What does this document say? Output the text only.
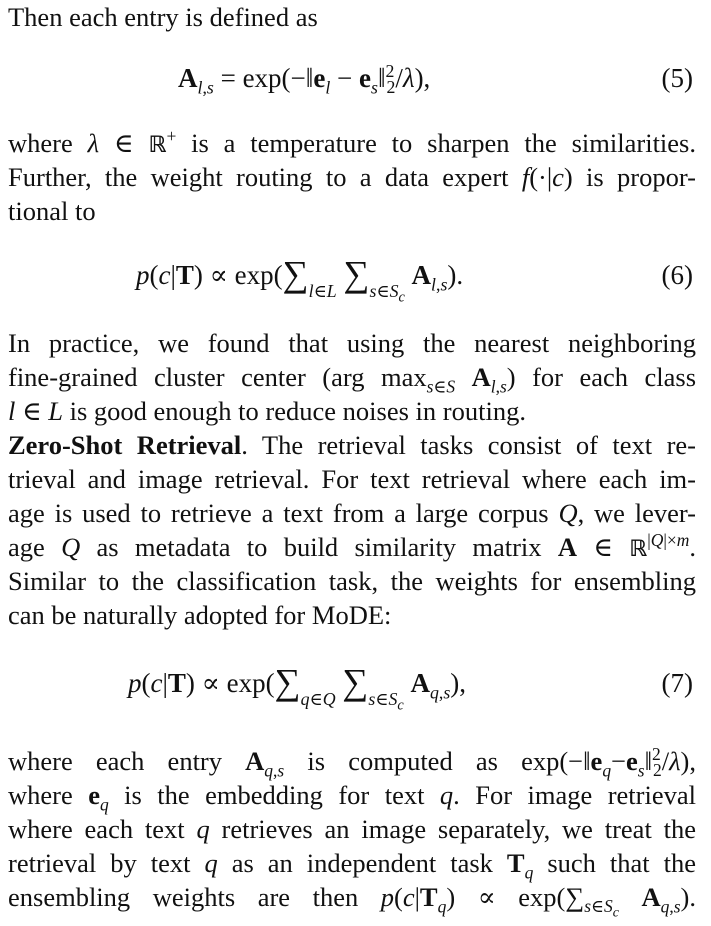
Then each entry is defined as
$A_{l,s}$ = $\exp(-‖e_l$ − $e_s‖^2_2/\lambda$),	(5)
where λ ∈ ℝ+ is a temperature to sharpen the similarities.
Further, the weight routing to a data expert f(·|c) is propor-
tional to
$p(c|T) \propto \exp(\sum_{l\in L}$ $\sum_{s\in S_c}$ $A_{l,s}$).	(6)
In practice, we found that using the nearest neighboring
fine-grained cluster center (arg $\max_{s\in S} A_{l,s}$) for each class
l ∈ L is good enough to reduce noises in routing.
Zero-Shot Retrieval. The retrieval tasks consist of text re-
trieval and image retrieval. For text retrieval where each im-
age is used to retrieve a text from a large corpus Q, we lever-
age Q as metadata to build similarity matrix A ∈ ℝ$^{|Q|\times m}$.
Similar to the classification task, the weights for ensembling
can be naturally adopted for MoDE:
$p(c|T) \propto \exp(\sum_{q\in Q}$ $\sum_{s\in S_c}$ $A_{q,s}$),	(7)
where each entry $A_{q,s}$ is computed as $\exp(-‖e_q-e_s‖^2_2/\lambda)$,
where $e_q$ is the embedding for text q. For image retrieval
where each text q retrieves an image separately, we treat the
retrieval by text q as an independent task $T_q$ such that the
ensembling weights are then $p(c|T_q) \propto \exp(\sum_{s\in S_c}$ $A_{q,s}$).
